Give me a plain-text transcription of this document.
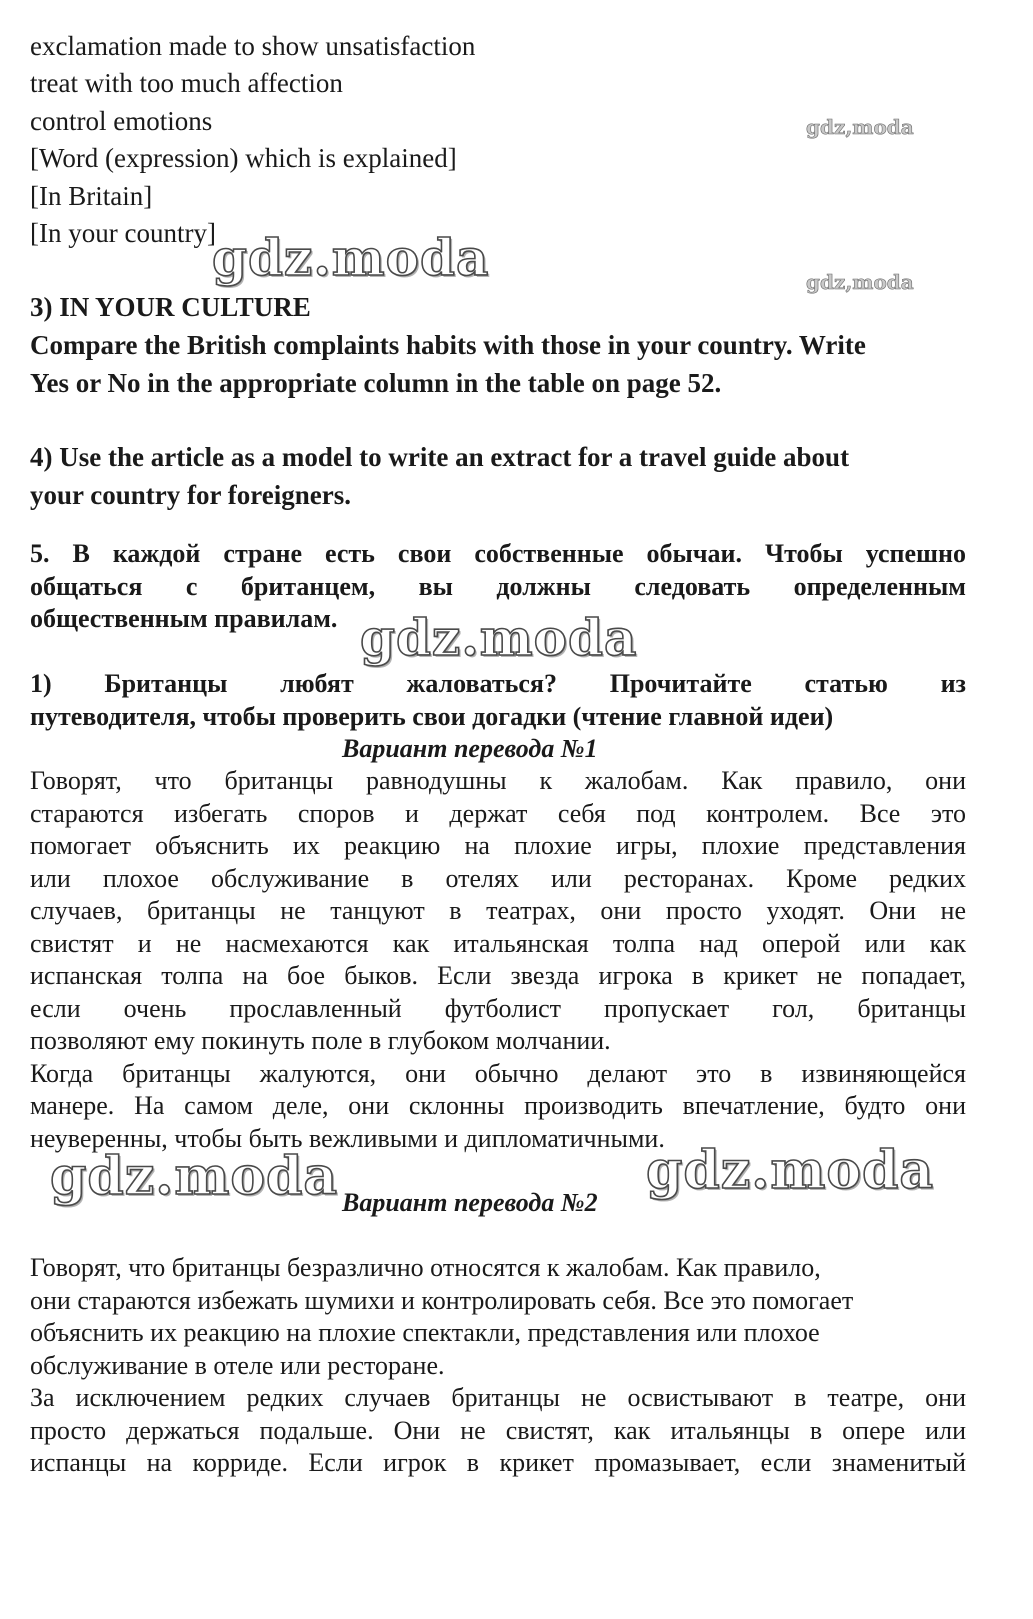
exclamation made to show unsatisfaction
treat with too much affection
control emotions
[Word (expression) which is explained]
[In Britain]
[In your country]
3) IN YOUR CULTURE
Compare the British complaints habits with those in your country. Write
Yes or No in the appropriate column in the table on page 52.
4) Use the article as a model to write an extract for a travel guide about
your country for foreigners.
5. В каждой стране есть свои собственные обычаи. Чтобы успешно
общаться с британцем, вы должны следовать определенным
общественным правилам.
1) Британцы любят жаловаться? Прочитайте статью из
путеводителя, чтобы проверить свои догадки (чтение главной идеи)
Вариант перевода №1
Говорят, что британцы равнодушны к жалобам. Как правило, они
стараются избегать споров и держат себя под контролем. Все это
помогает объяснить их реакцию на плохие игры, плохие представления
или плохое обслуживание в отелях или ресторанах. Кроме редких
случаев, британцы не танцуют в театрах, они просто уходят. Они не
свистят и не насмехаются как итальянская толпа над оперой или как
испанская толпа на бое быков. Если звезда игрока в крикет не попадает,
если очень прославленный футболист пропускает гол, британцы
позволяют ему покинуть поле в глубоком молчании.
Когда британцы жалуются, они обычно делают это в извиняющейся
манере. На самом деле, они склонны производить впечатление, будто они
неуверенны, чтобы быть вежливыми и дипломатичными.
Вариант перевода №2
Говорят, что британцы безразлично относятся к жалобам. Как правило,
они стараются избежать шумихи и контролировать себя. Все это помогает
объяснить их реакцию на плохие спектакли, представления или плохое
обслуживание в отеле или ресторане.
За исключением редких случаев британцы не освистывают в театре, они
просто держаться подальше. Они не свистят, как итальянцы в опере или
испанцы на корриде. Если игрок в крикет промазывает, если знаменитый
gdz,moda
gdz,moda
gdz.moda
gdz.moda
gdz.moda	gdz.moda
